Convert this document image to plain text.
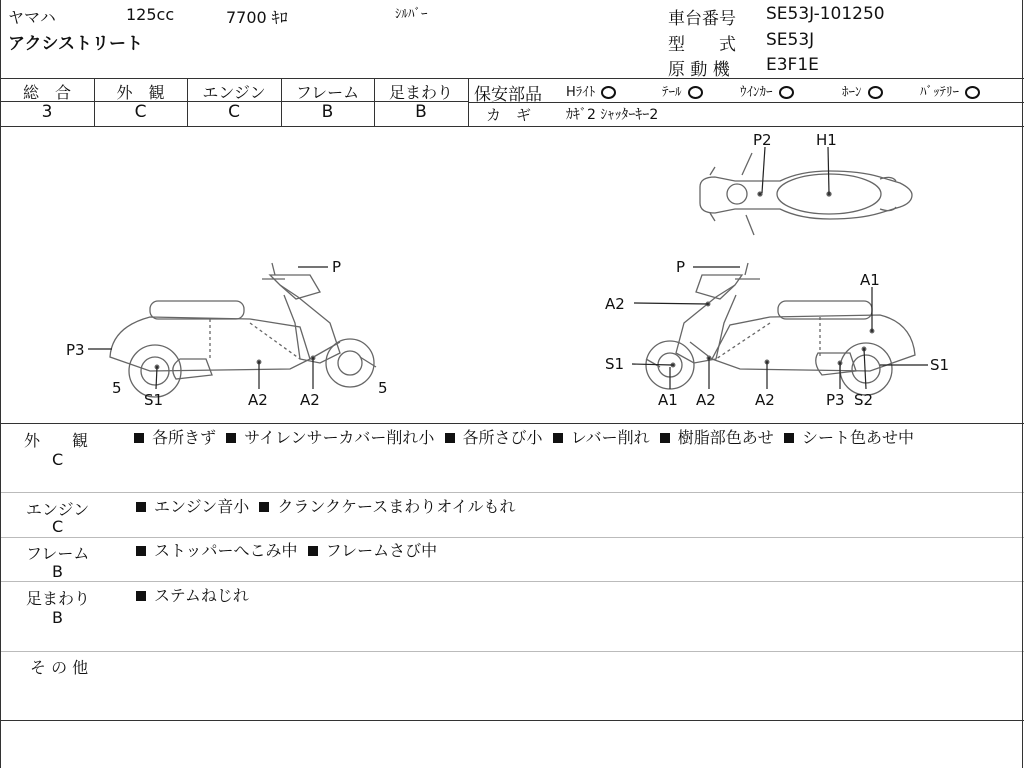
ヤマハ	125cc	7700 ｷﾛ	ｼﾙﾊﾞｰ
アクシストリート
車台番号 SE53J-101250
型　　式 SE53J
原 動 機 E3F1E
総　合	外　観	エンジン	フレーム	足まわり
3	C	C	B	B
保安部品 Hﾗｲﾄ	ﾃｰﾙ	ｳｲﾝｶｰ	ﾎｰﾝ	ﾊﾞｯﾃﾘｰ
カ　ギ ｶｷﾞ2 ｼｬｯﾀｰｷｰ2
P2	H1
P
P3
5
S1	A2 A2
5
P
A1
A2
S1
A1 A2	A2	P3 S2
S1
外　　観
C
各所きず サイレンサーカバー削れ小 各所さび小 レバー削れ 樹脂部色あせ シート色あせ中
エンジン
C
エンジン音小 クランクケースまわりオイルもれ
フレーム
B
ストッパーへこみ中 フレームさび中
足まわり
B
ステムねじれ
そ の 他
